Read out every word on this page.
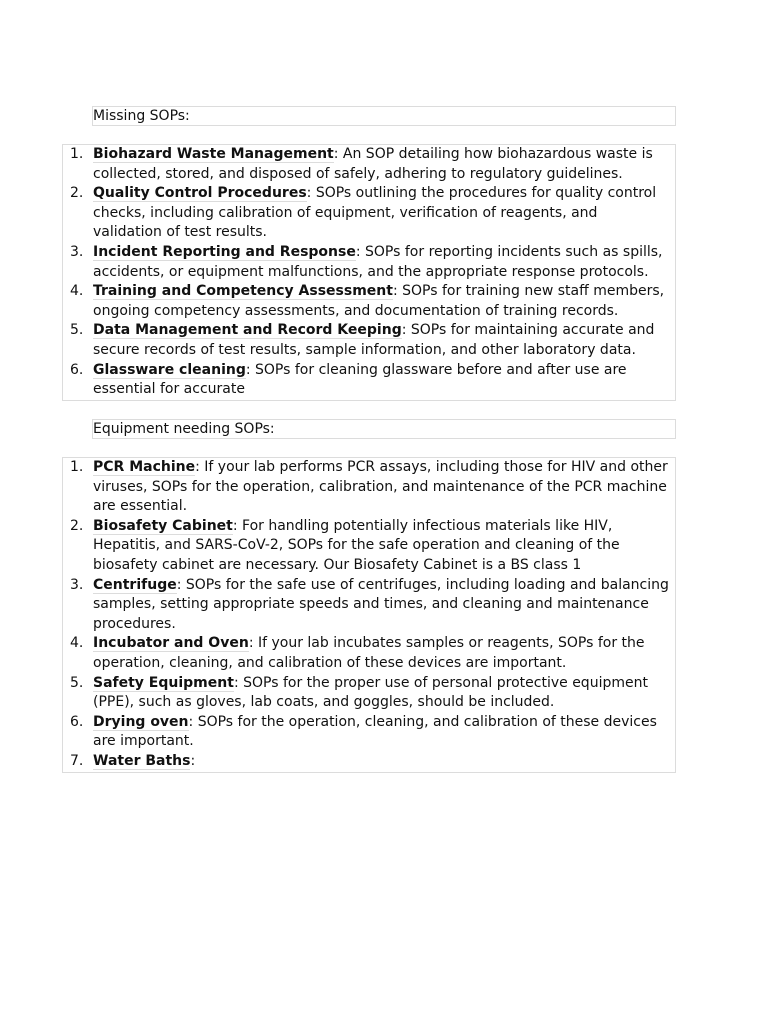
Missing SOPs:
1. Biohazard Waste Management: An SOP detailing how biohazardous waste is collected, stored, and disposed of safely, adhering to regulatory guidelines.
2. Quality Control Procedures: SOPs outlining the procedures for quality control checks, including calibration of equipment, verification of reagents, and validation of test results.
3. Incident Reporting and Response: SOPs for reporting incidents such as spills, accidents, or equipment malfunctions, and the appropriate response protocols.
4. Training and Competency Assessment: SOPs for training new staff members, ongoing competency assessments, and documentation of training records.
5. Data Management and Record Keeping: SOPs for maintaining accurate and secure records of test results, sample information, and other laboratory data.
6. Glassware cleaning: SOPs for cleaning glassware before and after use are essential for accurate
Equipment needing SOPs:
1. PCR Machine: If your lab performs PCR assays, including those for HIV and other viruses, SOPs for the operation, calibration, and maintenance of the PCR machine are essential.
2. Biosafety Cabinet: For handling potentially infectious materials like HIV, Hepatitis, and SARS-CoV-2, SOPs for the safe operation and cleaning of the biosafety cabinet are necessary. Our Biosafety Cabinet is a BS class 1
3. Centrifuge: SOPs for the safe use of centrifuges, including loading and balancing samples, setting appropriate speeds and times, and cleaning and maintenance procedures.
4. Incubator and Oven: If your lab incubates samples or reagents, SOPs for the operation, cleaning, and calibration of these devices are important.
5. Safety Equipment: SOPs for the proper use of personal protective equipment (PPE), such as gloves, lab coats, and goggles, should be included.
6. Drying oven: SOPs for the operation, cleaning, and calibration of these devices are important.
7. Water Baths:
